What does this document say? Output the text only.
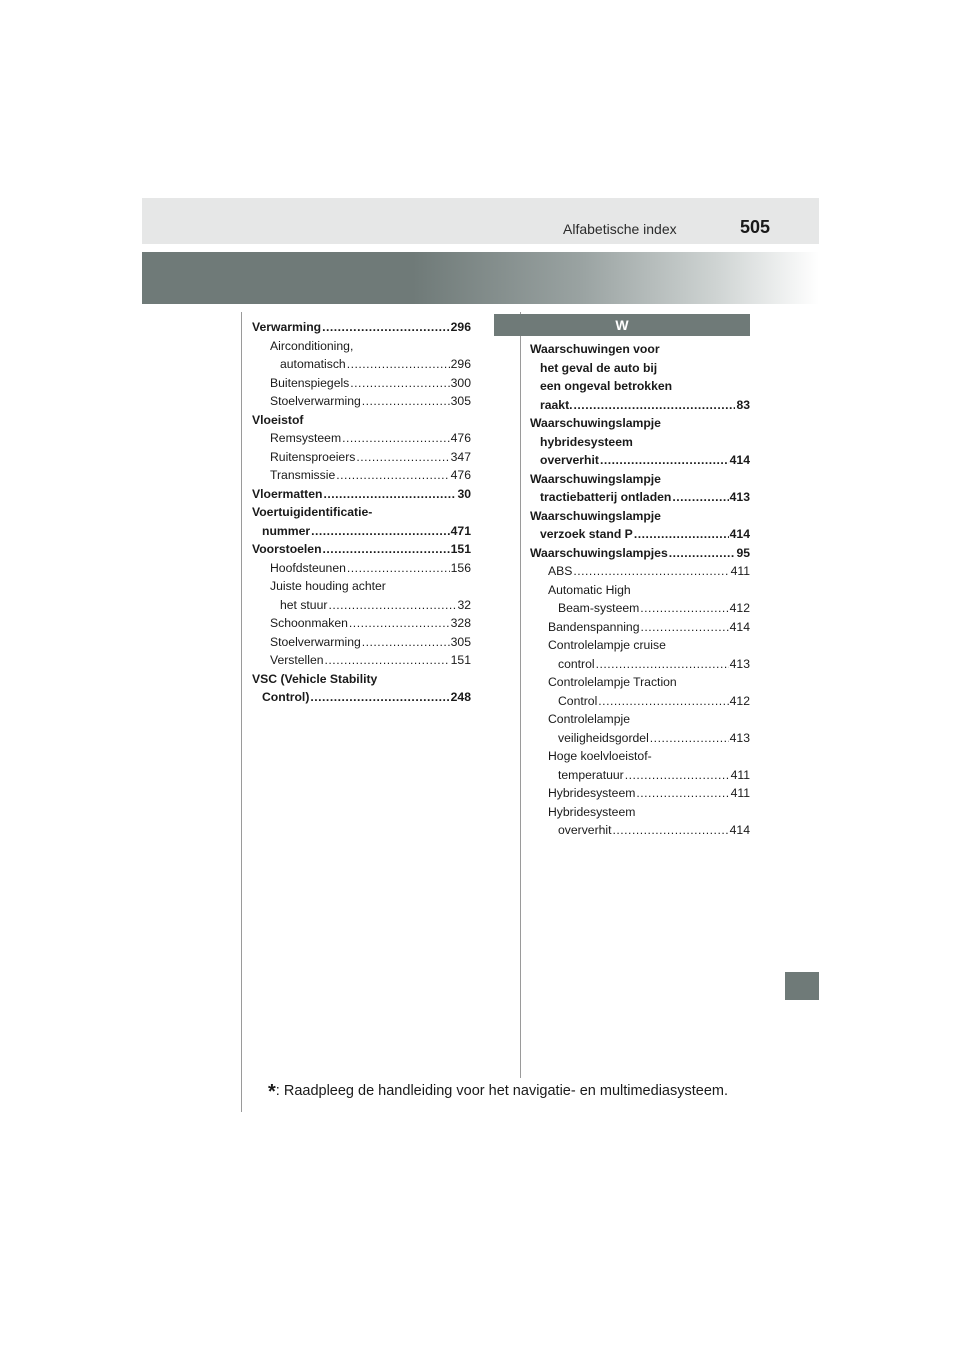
Alfabetische index	505
Verwarming .....	296
Airconditioning,
automatisch .....	296
Buitenspiegels .....	300
Stoelverwarming .....	305
Vloeistof
Remsysteem .....	476
Ruitensproeiers .....	347
Transmissie .....	476
Vloermatten .....	30
Voertuigidentificatie-
nummer .....	471
Voorstoelen .....	151
Hoofdsteunen .....	156
Juiste houding achter
het stuur .....	32
Schoonmaken .....	328
Stoelverwarming .....	305
Verstellen .....	151
VSC (Vehicle Stability
Control) .....	248
W
Waarschuwingen voor
het geval de auto bij
een ongeval betrokken
raakt. .....	83
Waarschuwingslampje
hybridesysteem
oververhit .....	414
Waarschuwingslampje
tractiebatterij ontladen .....	413
Waarschuwingslampje
verzoek stand P .....	414
Waarschuwingslampjes .....	95
ABS .....	411
Automatic High
Beam-systeem .....	412
Bandenspanning .....	414
Controlelampje cruise
control .....	413
Controlelampje Traction
Control .....	412
Controlelampje
veiligheidsgordel .....	413
Hoge koelvloeistof-
temperatuur .....	411
Hybridesysteem .....	411
Hybridesysteem
oververhit .....	414
*: Raadpleeg de handleiding voor het navigatie- en multimediasysteem.
